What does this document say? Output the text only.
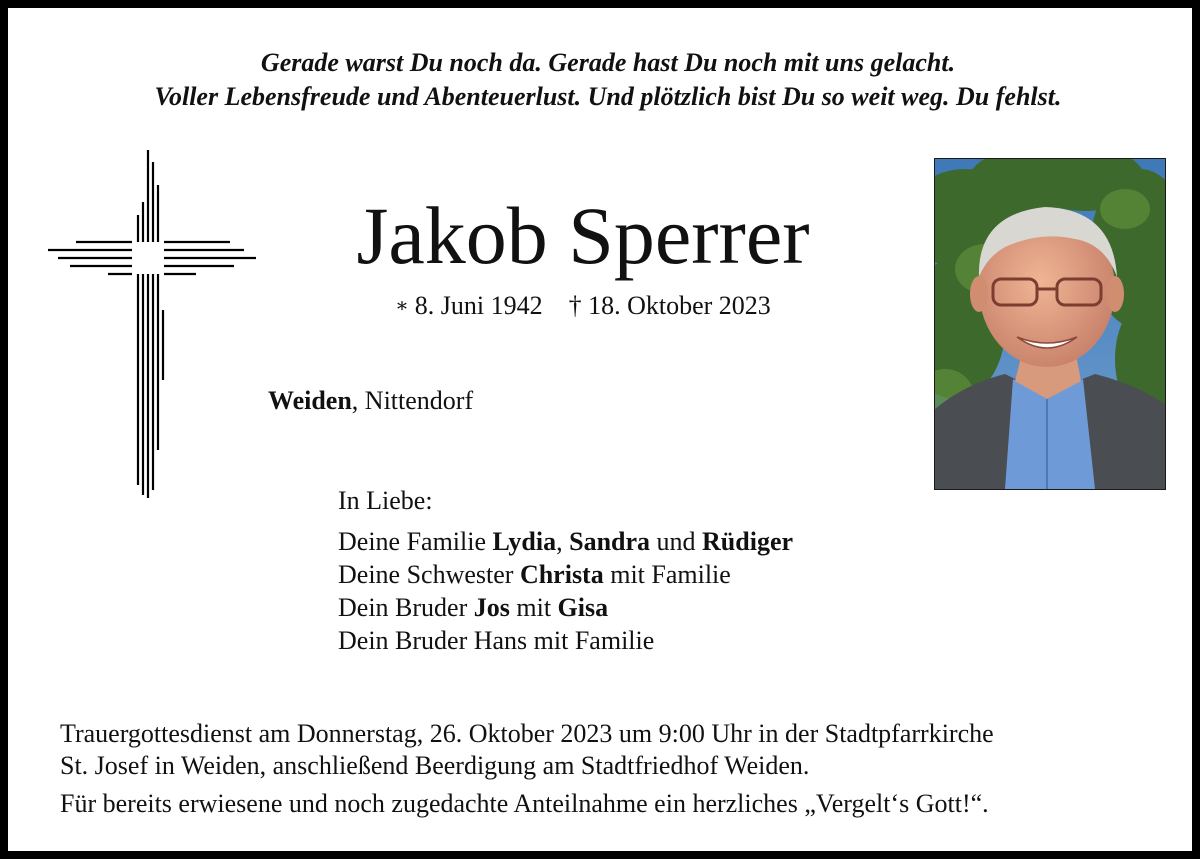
Gerade warst Du noch da. Gerade hast Du noch mit uns gelacht.
Voller Lebensfreude und Abenteuerlust. Und plötzlich bist Du so weit weg. Du fehlst.
Jakob Sperrer
∗ 8. Juni 1942 † 18. Oktober 2023
Weiden, Nittendorf
In Liebe:
Deine Familie Lydia, Sandra und Rüdiger
Deine Schwester Christa mit Familie
Dein Bruder Jos mit Gisa
Dein Bruder Hans mit Familie
Trauergottesdienst am Donnerstag, 26. Oktober 2023 um 9:00 Uhr in der Stadtpfarrkirche
St. Josef in Weiden, anschließend Beerdigung am Stadtfriedhof Weiden.
Für bereits erwiesene und noch zugedachte Anteilnahme ein herzliches „Vergelt‘s Gott!“.
